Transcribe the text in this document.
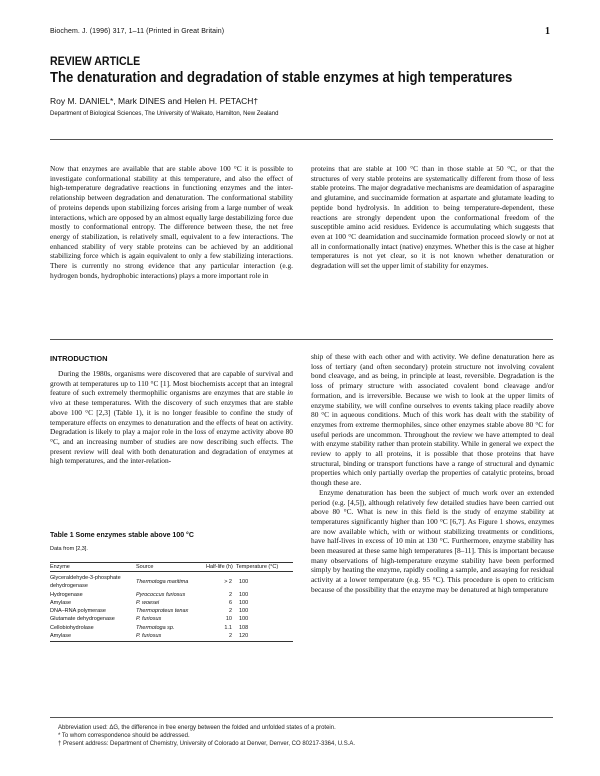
Biochem. J. (1996) 317, 1–11 (Printed in Great Britain)	1
REVIEW ARTICLE
The denaturation and degradation of stable enzymes at high temperatures
Roy M. DANIEL*, Mark DINES and Helen H. PETACH†
Department of Biological Sciences, The University of Waikato, Hamilton, New Zealand

Now that enzymes are available that are stable above 100 °C it is possible to investigate conformational stability at this temperature, and also the effect of high-temperature degradative reactions in functioning enzymes and the inter-relationship between degradation and denaturation. The conformational stability of proteins depends upon stabilizing forces arising from a large number of weak interactions, which are opposed by an almost equally large destabilizing force due mostly to conformational entropy. The difference between these, the net free energy of stabilization, is relatively small, equivalent to a few interactions. The enhanced stability of very stable proteins can be achieved by an additional stabilizing force which is again equivalent to only a few stabilizing interactions. There is currently no strong evidence that any particular interaction (e.g. hydrogen bonds, hydrophobic interactions) plays a more important role in

proteins that are stable at 100 °C than in those stable at 50 °C, or that the structures of very stable proteins are systematically different from those of less stable proteins. The major degradative mechanisms are deamidation of asparagine and glutamine, and succinamide formation at aspartate and glutamate leading to peptide bond hydrolysis. In addition to being temperature-dependent, these reactions are strongly dependent upon the conformational freedom of the susceptible amino acid residues. Evidence is accumulating which suggests that even at 100 °C deamidation and succinamide formation proceed slowly or not at all in conformationally intact (native) enzymes. Whether this is the case at higher temperatures is not yet clear, so it is not known whether denaturation or degradation will set the upper limit of stability for enzymes.

INTRODUCTION

During the 1980s, organisms were discovered that are capable of survival and growth at temperatures up to 110 °C [1]. Most biochemists accept that an integral feature of such extremely thermophilic organisms are enzymes that are stable in vivo at these temperatures. With the discovery of such enzymes that are stable above 100 °C [2,3] (Table 1), it is no longer feasible to confine the study of temperature effects on enzymes to denaturation and the effects of heat on activity. Degradation is likely to play a major role in the loss of enzyme activity above 80 °C, and an increasing number of studies are now describing such effects. The present review will deal with both denaturation and degradation of enzymes at high temperatures, and the inter-relation-

ship of these with each other and with activity. We define denaturation here as loss of tertiary (and often secondary) protein structure not involving covalent bond cleavage, and as being, in principle at least, reversible. Degradation is the loss of primary structure with associated covalent bond cleavage and/or formation, and is irreversible. Because we wish to look at the upper limits of enzyme stability, we will confine ourselves to events taking place readily above 80 °C in aqueous conditions. Much of this work has dealt with the stability of enzymes from extreme thermophiles, since other enzymes stable above 80 °C for useful periods are uncommon. Throughout the review we have attempted to deal with enzyme stability rather than protein stability. While in general we expect the review to apply to all proteins, it is possible that those proteins that have structural, binding or transport functions have a range of structural and dynamic properties which only partially overlap the properties of catalytic proteins, broad though these are.

Enzyme denaturation has been the subject of much work over an extended period (e.g. [4,5]), although relatively few detailed studies have been carried out above 80 °C. What is new in this field is the study of enzyme stability at temperatures significantly higher than 100 °C [6,7]. As Figure 1 shows, enzymes are now available which, with or without stabilizing treatments or conditions, have half-lives in excess of 10 min at 130 °C. Furthermore, enzyme stability has been measured at these same high temperatures [8–11]. This is important because many observations of high-temperature enzyme stability have been performed simply by heating the enzyme, rapidly cooling a sample, and assaying for residual activity at a lower temperature (e.g. 95 °C). This procedure is open to criticism because of the possibility that the enzyme may be denatured at high temperature

Table 1 Some enzymes stable above 100 °C
Data from [2,3].
Enzyme	Source	Half-life (h)	Temperature (°C)
Glyceraldehyde-3-phosphate dehydrogenase	Thermotoga maritima	> 2	100
Hydrogenase	Pyrococcus furiosus	2	100
Amylase	P. woesei	6	100
DNA–RNA polymerase	Thermoproteus tenax	2	100
Glutamate dehydrogenase	P. furiosus	10	100
Cellobiohydrolase	Thermotoga sp.	1.1	108
Amylase	P. furiosus	2	120
Abbreviation used: ΔG, the difference in free energy between the folded and unfolded states of a protein.
* To whom correspondence should be addressed.
† Present address: Department of Chemistry, University of Colorado at Denver, Denver, CO 80217-3364, U.S.A.
